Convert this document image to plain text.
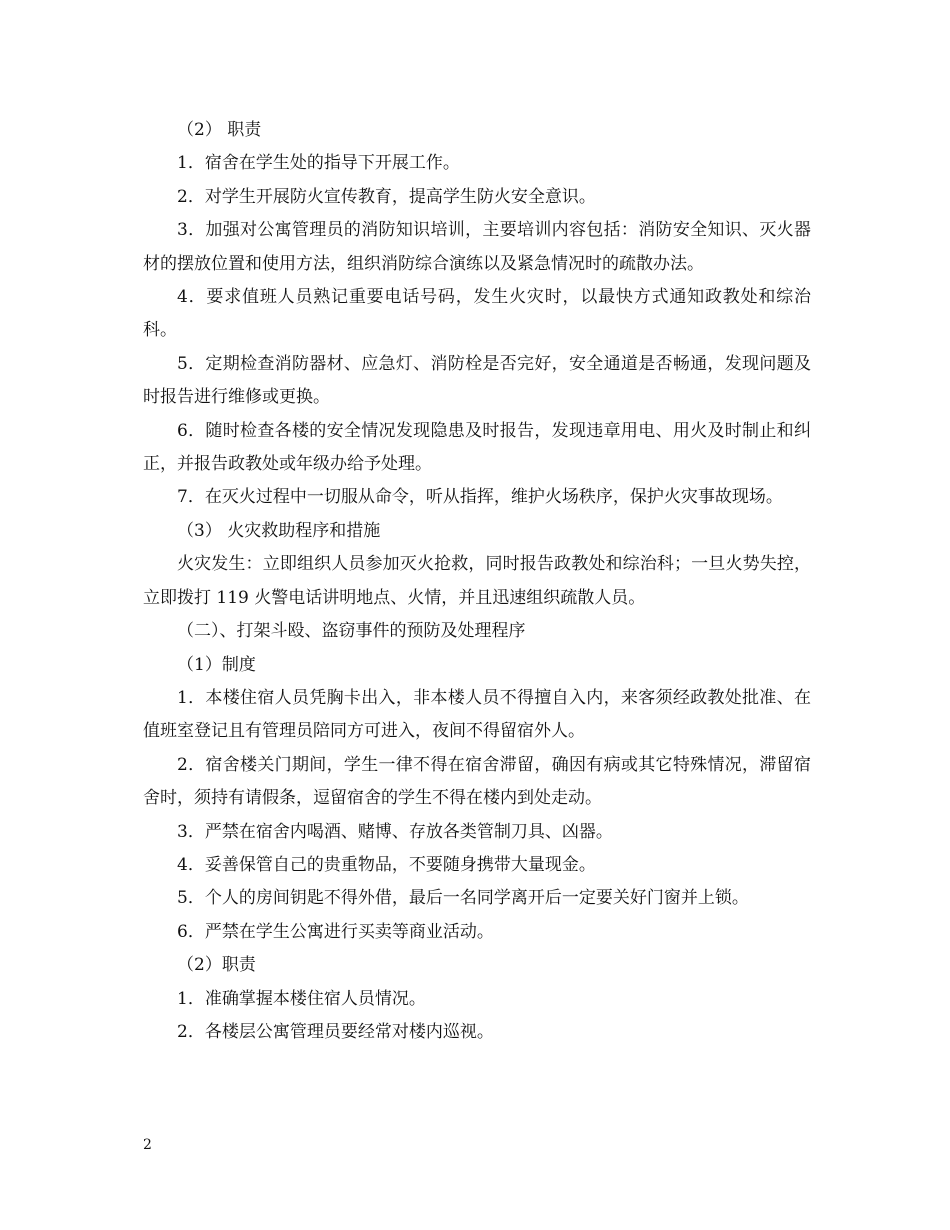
（2） 职责

1．宿舍在学生处的指导下开展工作。

2．对学生开展防火宣传教育，提高学生防火安全意识。

3．加强对公寓管理员的消防知识培训，主要培训内容包括：消防安全知识、灭火器材的摆放位置和使用方法，组织消防综合演练以及紧急情况时的疏散办法。

4．要求值班人员熟记重要电话号码，发生火灾时，以最快方式通知政教处和综治科。

5．定期检查消防器材、应急灯、消防栓是否完好，安全通道是否畅通，发现问题及时报告进行维修或更换。

6．随时检查各楼的安全情况发现隐患及时报告，发现违章用电、用火及时制止和纠正，并报告政教处或年级办给予处理。

7．在灭火过程中一切服从命令，听从指挥，维护火场秩序，保护火灾事故现场。

（3） 火灾救助程序和措施

火灾发生：立即组织人员参加灭火抢救，同时报告政教处和综治科；一旦火势失控，立即拨打 119 火警电话讲明地点、火情，并且迅速组织疏散人员。

（二）、打架斗殴、盗窃事件的预防及处理程序

（1）制度

1．本楼住宿人员凭胸卡出入，非本楼人员不得擅自入内，来客须经政教处批准、在值班室登记且有管理员陪同方可进入，夜间不得留宿外人。

2．宿舍楼关门期间，学生一律不得在宿舍滞留，确因有病或其它特殊情况，滞留宿舍时，须持有请假条，逗留宿舍的学生不得在楼内到处走动。

3．严禁在宿舍内喝酒、赌博、存放各类管制刀具、凶器。

4．妥善保管自己的贵重物品，不要随身携带大量现金。

5．个人的房间钥匙不得外借，最后一名同学离开后一定要关好门窗并上锁。

6．严禁在学生公寓进行买卖等商业活动。

（2）职责

1．准确掌握本楼住宿人员情况。

2．各楼层公寓管理员要经常对楼内巡视。

2
